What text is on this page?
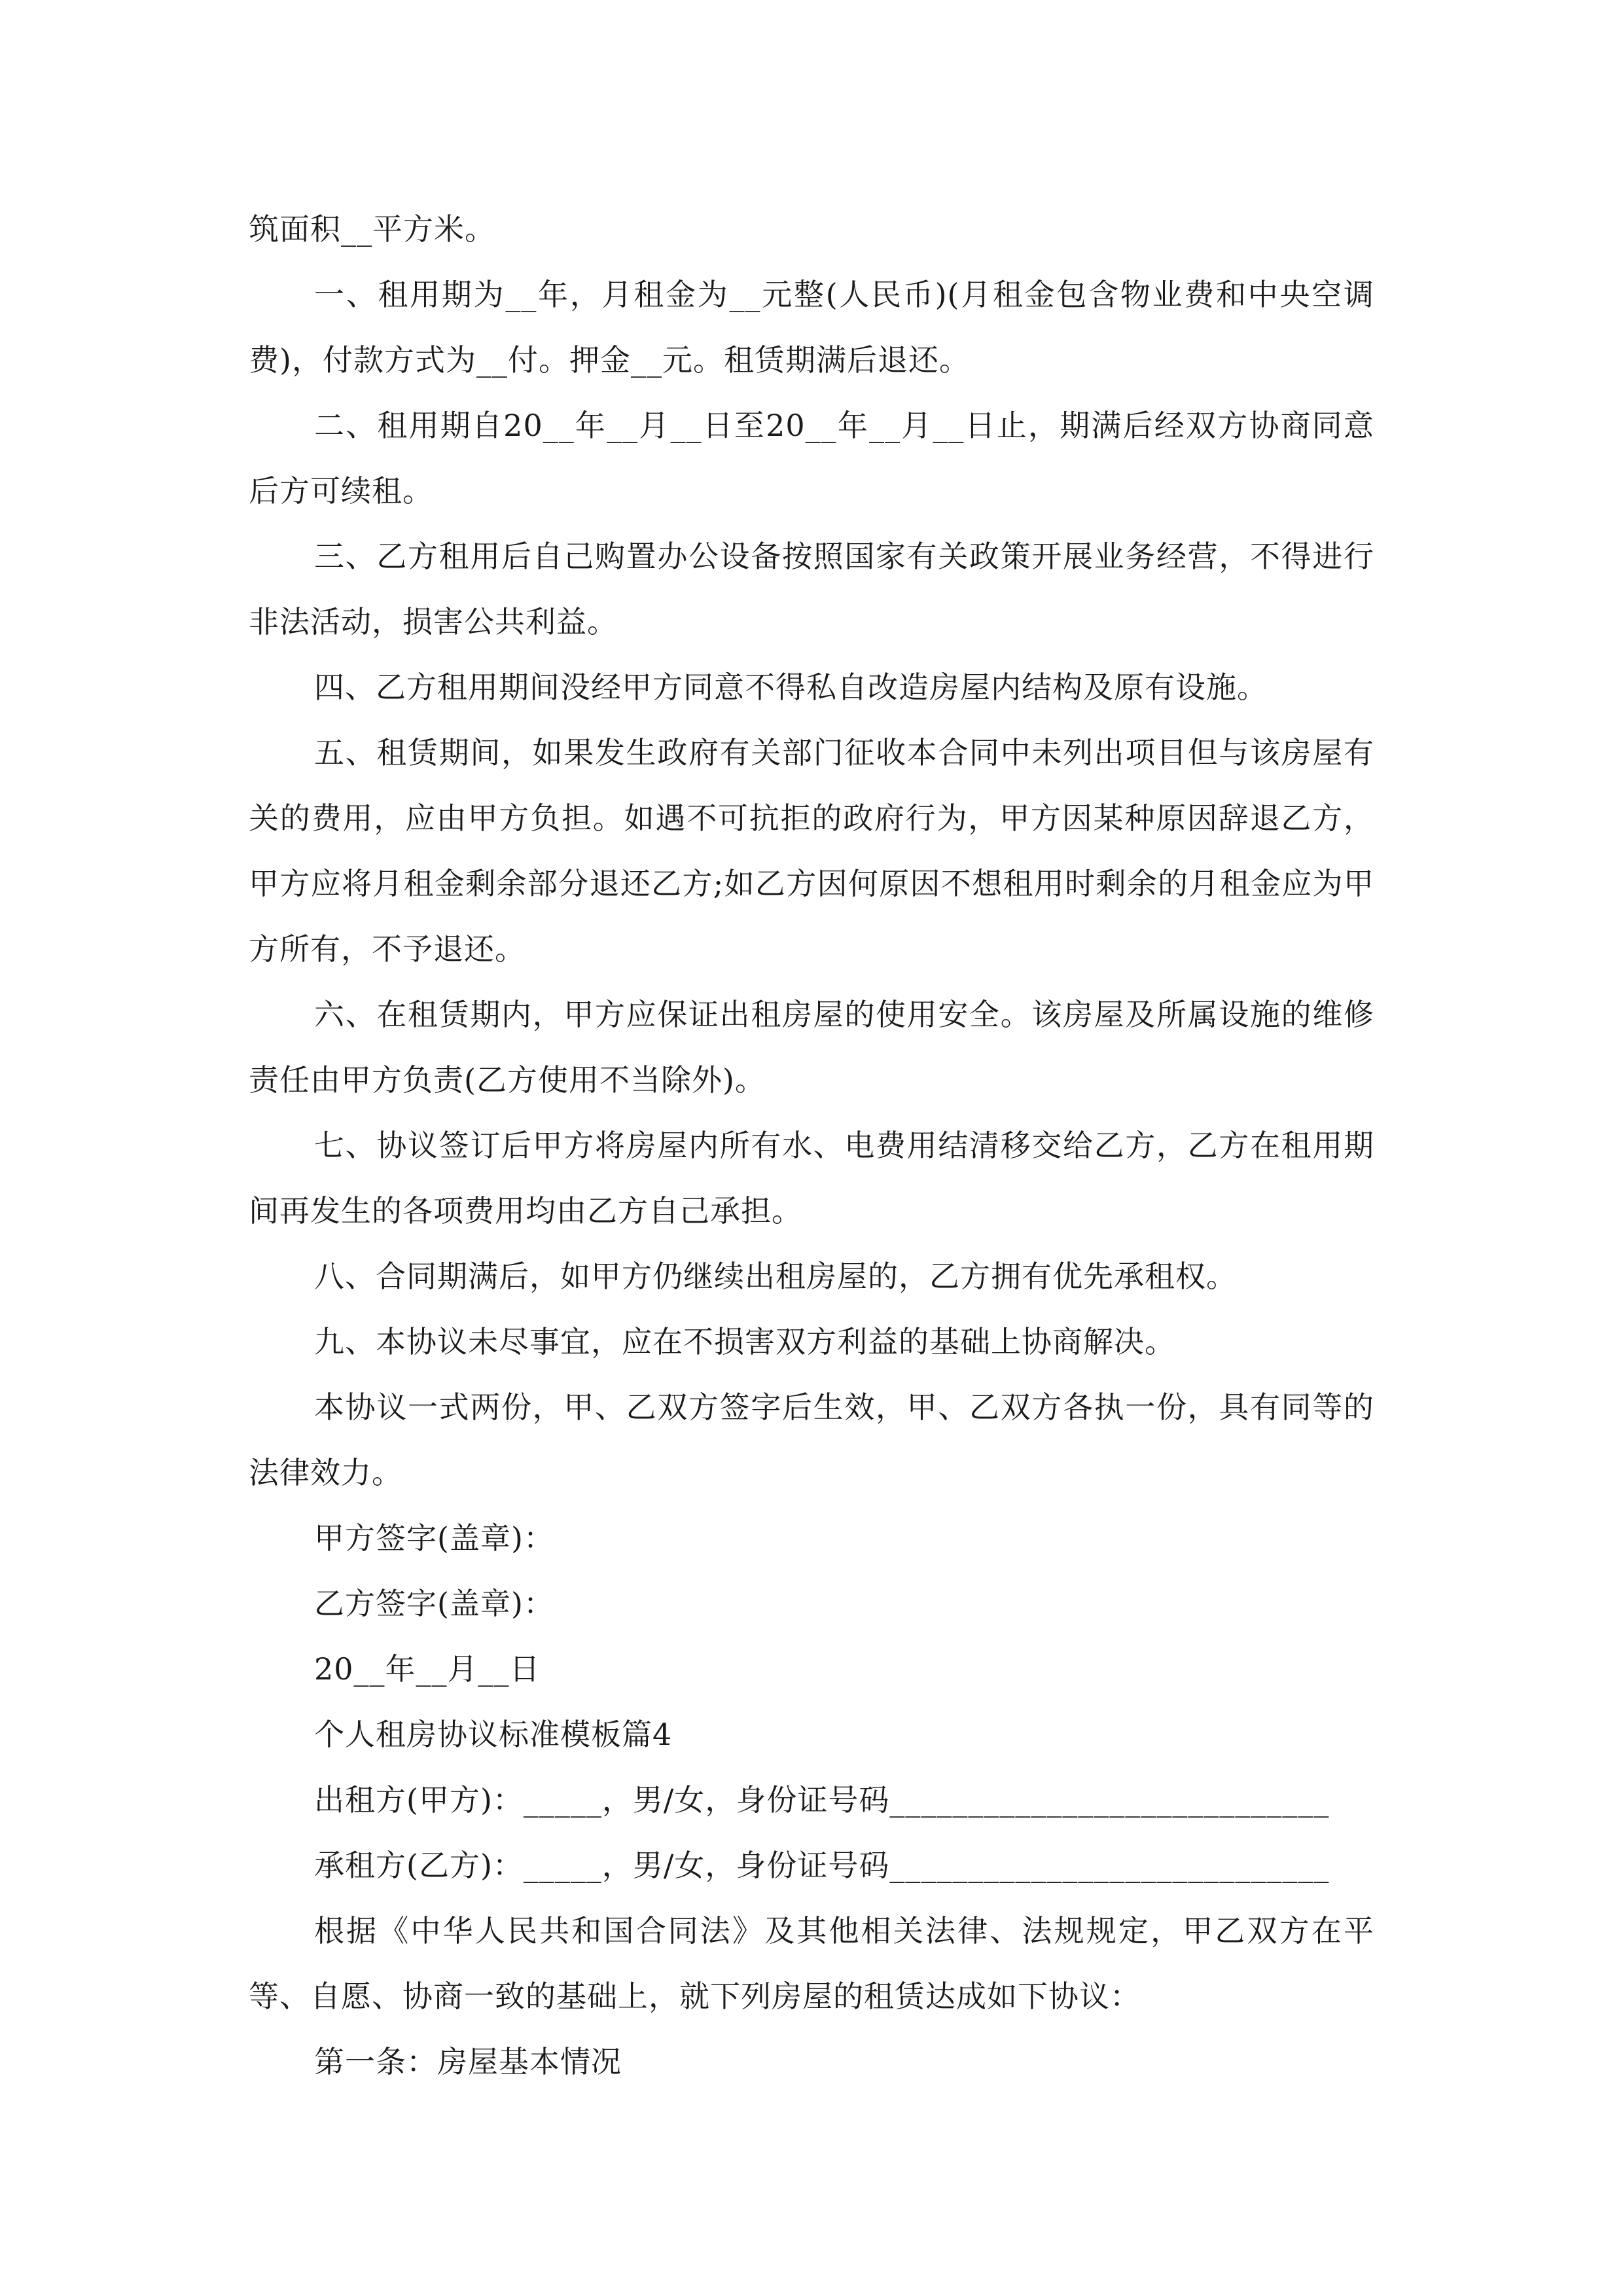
筑面积__平方米。

一、租用期为__年，月租金为__元整(人民币)(月租金包含物业费和中央空调费)，付款方式为__付。押金__元。租赁期满后退还。

二、租用期自20__年__月__日至20__年__月__日止，期满后经双方协商同意后方可续租。

三、乙方租用后自己购置办公设备按照国家有关政策开展业务经营，不得进行非法活动，损害公共利益。

四、乙方租用期间没经甲方同意不得私自改造房屋内结构及原有设施。

五、租赁期间，如果发生政府有关部门征收本合同中未列出项目但与该房屋有关的费用，应由甲方负担。如遇不可抗拒的政府行为，甲方因某种原因辞退乙方，甲方应将月租金剩余部分退还乙方;如乙方因何原因不想租用时剩余的月租金应为甲方所有，不予退还。

六、在租赁期内，甲方应保证出租房屋的使用安全。该房屋及所属设施的维修责任由甲方负责(乙方使用不当除外)。

七、协议签订后甲方将房屋内所有水、电费用结清移交给乙方，乙方在租用期间再发生的各项费用均由乙方自己承担。

八、合同期满后，如甲方仍继续出租房屋的，乙方拥有优先承租权。

九、本协议未尽事宜，应在不损害双方利益的基础上协商解决。

本协议一式两份，甲、乙双方签字后生效，甲、乙双方各执一份，具有同等的法律效力。

甲方签字(盖章)：

乙方签字(盖章)：

20__年__月__日

个人租房协议标准模板篇4

出租方(甲方)：_____，男/女，身份证号码____________________________

承租方(乙方)：_____，男/女，身份证号码____________________________

根据《中华人民共和国合同法》及其他相关法律、法规规定，甲乙双方在平等、自愿、协商一致的基础上，就下列房屋的租赁达成如下协议：

第一条：房屋基本情况
